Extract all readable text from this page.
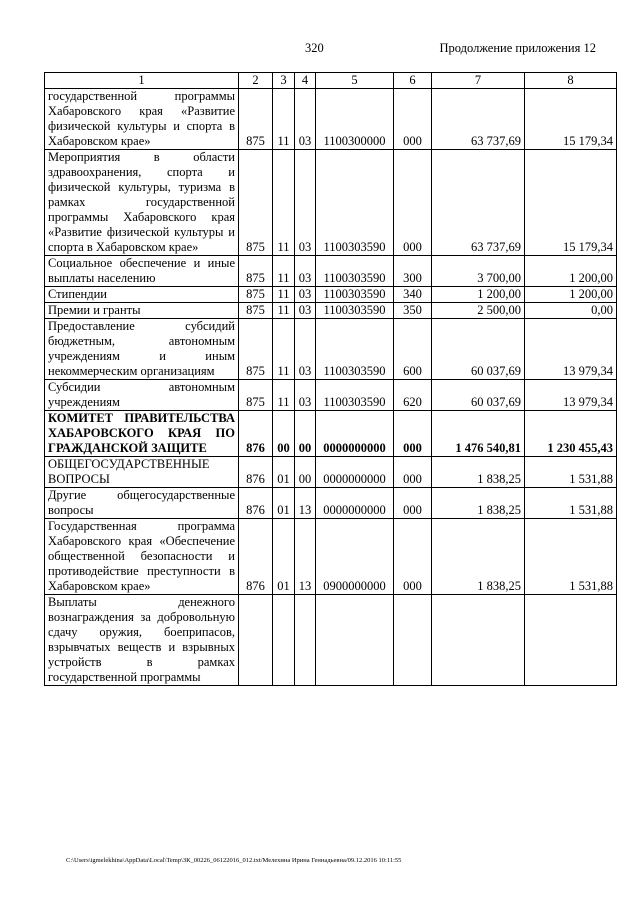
320	Продолжение приложения 12
1	2	3	4	5	6	7	8
государственной программы Хабаровского края «Развитие физической культуры и спорта в Хабаровском крае»	875	11	03	1100300000	000	63 737,69	15 179,34
Мероприятия в области здравоохранения, спорта и физической культуры, туризма в рамках государственной программы Хабаровского края «Развитие физической культуры и спорта в Хабаровском крае»	875	11	03	1100303590	000	63 737,69	15 179,34
Социальное обеспечение и иные выплаты населению	875	11	03	1100303590	300	3 700,00	1 200,00
Стипендии	875	11	03	1100303590	340	1 200,00	1 200,00
Премии и гранты	875	11	03	1100303590	350	2 500,00	0,00
Предоставление субсидий бюджетным, автономным учреждениям и иным некоммерческим организациям	875	11	03	1100303590	600	60 037,69	13 979,34
Субсидии автономным учреждениям	875	11	03	1100303590	620	60 037,69	13 979,34
КОМИТЕТ ПРАВИТЕЛЬСТВА ХАБАРОВСКОГО КРАЯ ПО ГРАЖДАНСКОЙ ЗАЩИТЕ	876	00	00	0000000000	000	1 476 540,81	1 230 455,43
ОБЩЕГОСУДАРСТВЕННЫЕ ВОПРОСЫ	876	01	00	0000000000	000	1 838,25	1 531,88
Другие общегосударственные вопросы	876	01	13	0000000000	000	1 838,25	1 531,88
Государственная программа Хабаровского края «Обеспечение общественной безопасности и противодействие преступности в Хабаровском крае»	876	01	13	0900000000	000	1 838,25	1 531,88
Выплаты денежного вознаграждения за добровольную сдачу оружия, боеприпасов, взрывчатых веществ и взрывных устройств в рамках государственной программы							
C:\Users\igmelekhina\AppData\Local\Temp\ЗК_00226_06122016_012.txt/Мелехина Ирина Геннадьевна/09.12.2016 10:11:55
